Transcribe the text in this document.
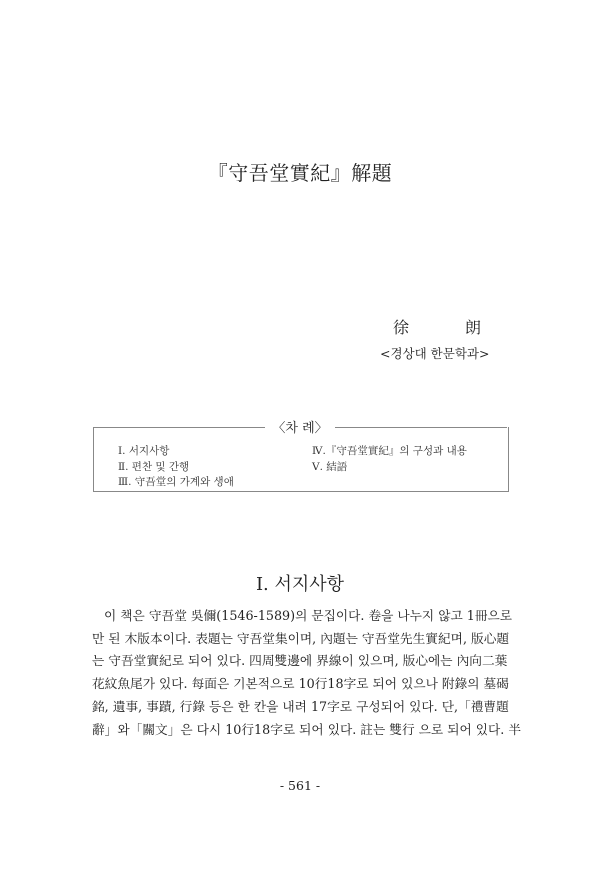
『守吾堂實紀』解題
徐	朗
<경상대 한문학과>
〈차 례〉
Ⅰ. 서지사항
Ⅱ. 편찬 및 간행
Ⅲ. 守吾堂의 가계와 생애
Ⅳ.『守吾堂實紀』의 구성과 내용
Ⅴ. 結語
Ⅰ. 서지사항
이 책은 守吾堂 吳儞(1546-1589)의 문집이다. 卷을 나누지 않고 1冊으로
만 된 木版本이다. 表題는 守吾堂集이며, 內題는 守吾堂先生實紀며, 版心題
는 守吾堂實紀로 되어 있다. 四周雙邊에 界線이 있으며, 版心에는 內向二葉
花紋魚尾가 있다. 每面은 기본적으로 10行18字로 되어 있으나 附錄의 墓碣
銘, 遺事, 事蹟, 行錄 등은 한 칸을 내려 17字로 구성되어 있다. 단,「禮曹題
辭」와「關文」은 다시 10行18字로 되어 있다. 註는 雙行 으로 되어 있다. 半
- 561 -
